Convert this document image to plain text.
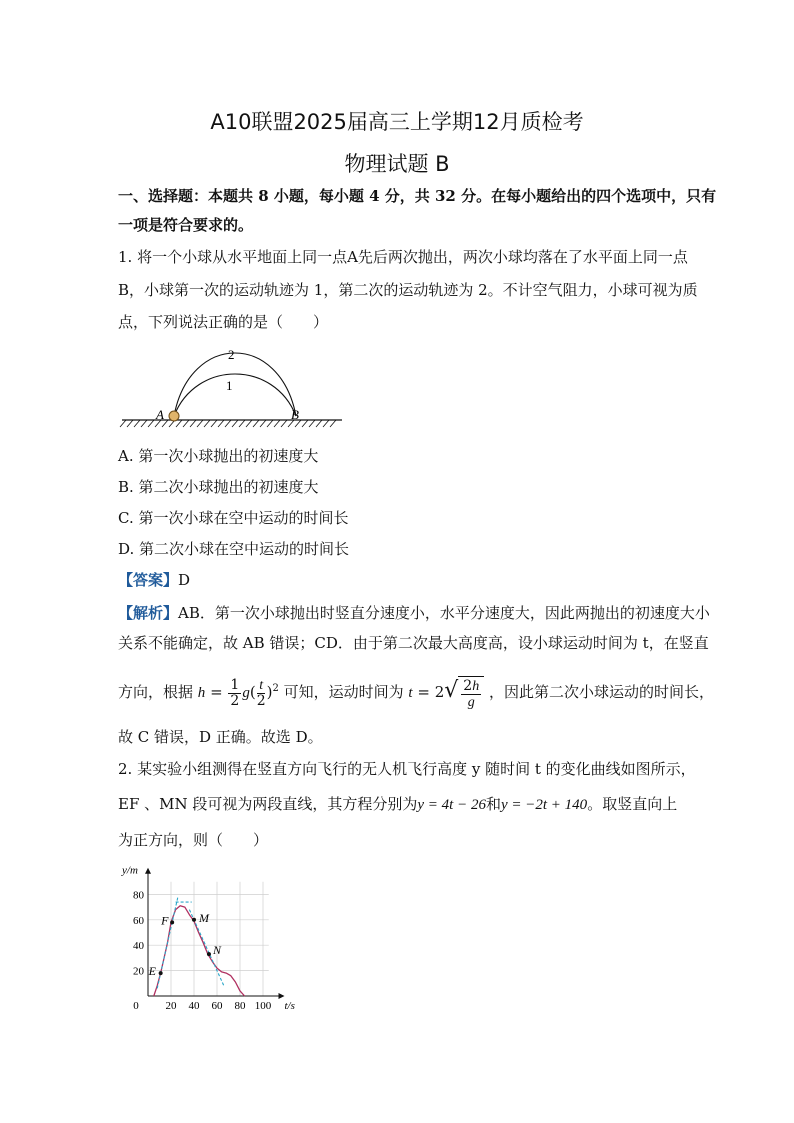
A10联盟2025届高三上学期12月质检考
物理试题 B
一、选择题：本题共 8 小题，每小题 4 分，共 32 分。在每小题给出的四个选项中，只有
一项是符合要求的。
1. 将一个小球从水平地面上同一点A先后两次抛出，两次小球均落在了水平面上同一点
B，小球第一次的运动轨迹为 1，第二次的运动轨迹为 2。不计空气阻力，小球可视为质
点，下列说法正确的是（　　）
A	B
2
1
A. 第一次小球抛出的初速度大
B. 第二次小球抛出的初速度大
C. 第一次小球在空中运动的时间长
D. 第二次小球在空中运动的时间长
【答案】D
【解析】AB．第一次小球抛出时竖直分速度小，水平分速度大，因此两抛出的初速度大小
关系不能确定，故 AB 错误；CD．由于第二次最大高度高，设小球运动时间为 t，在竖直
方向，根据 $h = \frac{1}{2} g( \frac{t}{2} )^2$ 可知，运动时间为 $t = 2√ \frac{2h}{g}$ ，因此第二次小球运动的时间长，
故 C 错误，D 正确。故选 D。
2. 某实验小组测得在竖直方向飞行的无人机飞行高度 y 随时间 t 的变化曲线如图所示，
EF 、MN 段可视为两段直线，其方程分别为y = 4t − 26和y = −2t + 140。取竖直向上
为正方向，则（　　）
0 20 40 60 80 100
20
40
60
80
y/m
t/s
E
F	M
N
